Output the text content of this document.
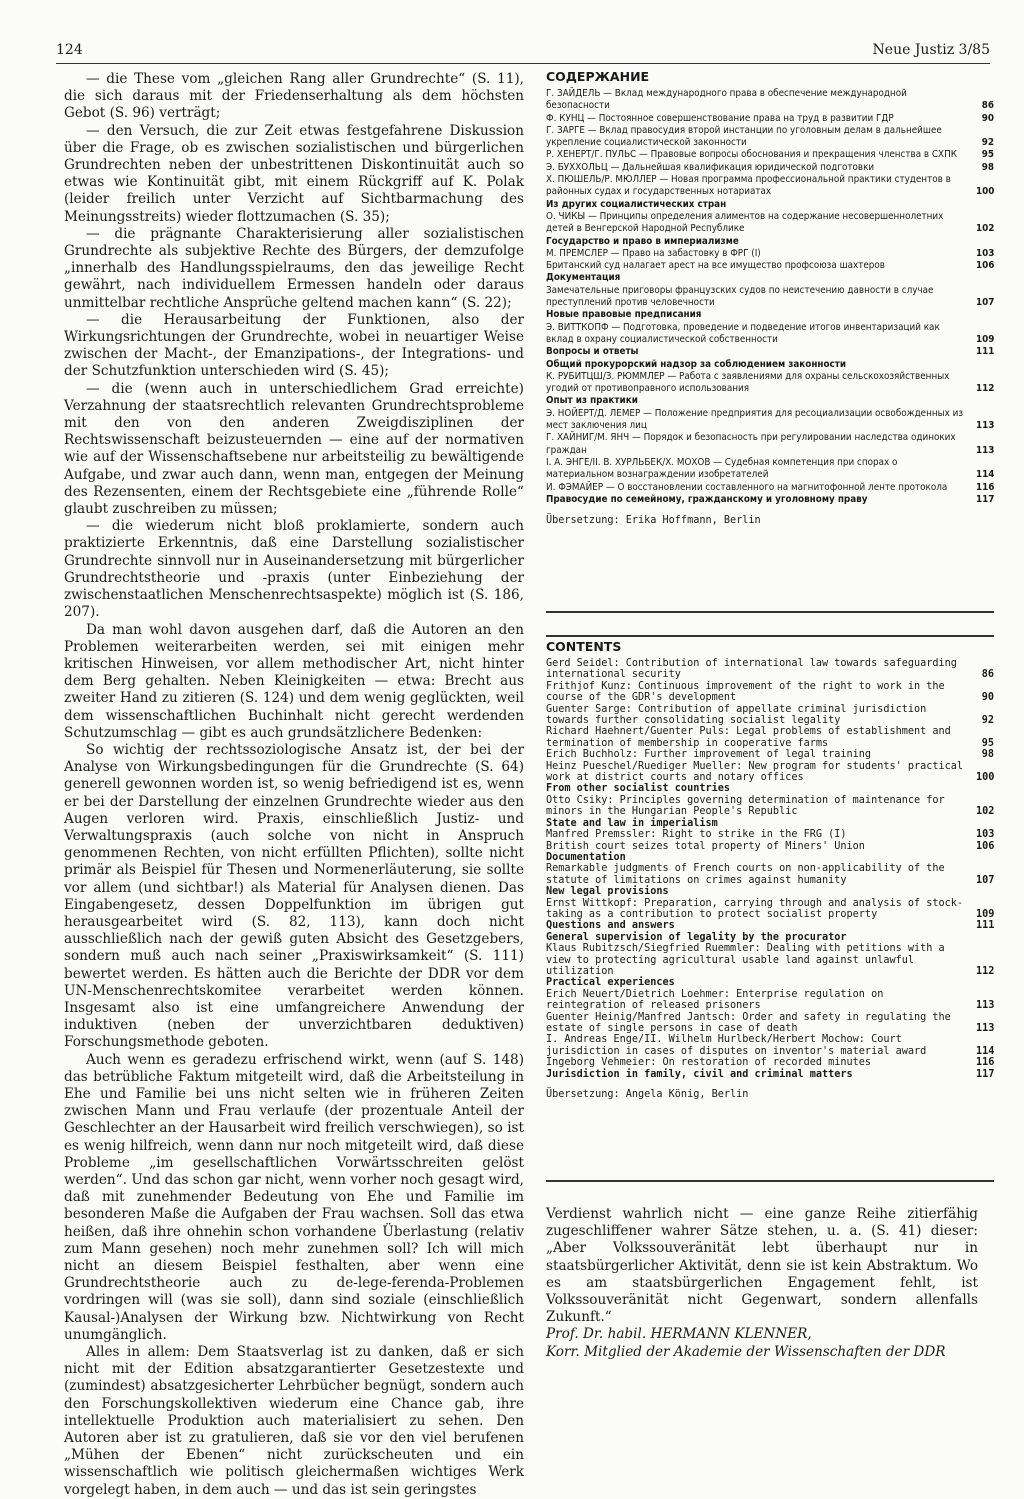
124	Neue Justiz 3/85

— die These vom „gleichen Rang aller Grundrechte“ (S. 11), die sich daraus mit der Friedenserhaltung als dem höchsten Gebot (S. 96) verträgt;

— den Versuch, die zur Zeit etwas festgefahrene Diskussion über die Frage, ob es zwischen sozialistischen und bürgerlichen Grundrechten neben der unbestrittenen Diskontinuität auch so etwas wie Kontinuität gibt, mit einem Rückgriff auf K. Polak (leider freilich unter Verzicht auf Sichtbarmachung des Meinungsstreits) wieder flottzumachen (S. 35);

— die prägnante Charakterisierung aller sozialistischen Grundrechte als subjektive Rechte des Bürgers, der demzufolge „innerhalb des Handlungsspielraums, den das jeweilige Recht gewährt, nach individuellem Ermessen handeln oder daraus unmittelbar rechtliche Ansprüche geltend machen kann“ (S. 22);

— die Herausarbeitung der Funktionen, also der Wirkungsrichtungen der Grundrechte, wobei in neuartiger Weise zwischen der Macht-, der Emanzipations-, der Integrations- und der Schutzfunktion unterschieden wird (S. 45);

— die (wenn auch in unterschiedlichem Grad erreichte) Verzahnung der staatsrechtlich relevanten Grundrechtsprobleme mit den von den anderen Zweigdisziplinen der Rechtswissenschaft beizusteuernden — eine auf der normativen wie auf der Wissenschaftsebene nur arbeitsteilig zu bewältigende Aufgabe, und zwar auch dann, wenn man, entgegen der Meinung des Rezensenten, einem der Rechtsgebiete eine „führende Rolle“ glaubt zuschreiben zu müssen;

— die wiederum nicht bloß proklamierte, sondern auch praktizierte Erkenntnis, daß eine Darstellung sozialistischer Grundrechte sinnvoll nur in Auseinandersetzung mit bürgerlicher Grundrechtstheorie und -praxis (unter Einbeziehung der zwischenstaatlichen Menschenrechtsaspekte) möglich ist (S. 186, 207).

Da man wohl davon ausgehen darf, daß die Autoren an den Problemen weiterarbeiten werden, sei mit einigen mehr kritischen Hinweisen, vor allem methodischer Art, nicht hinter dem Berg gehalten. Neben Kleinigkeiten — etwa: Brecht aus zweiter Hand zu zitieren (S. 124) und dem wenig geglückten, weil dem wissenschaftlichen Buchinhalt nicht gerecht werdenden Schutzumschlag — gibt es auch grundsätzlichere Bedenken:

So wichtig der rechtssoziologische Ansatz ist, der bei der Analyse von Wirkungsbedingungen für die Grundrechte (S. 64) generell gewonnen worden ist, so wenig befriedigend ist es, wenn er bei der Darstellung der einzelnen Grundrechte wieder aus den Augen verloren wird. Praxis, einschließlich Justiz- und Verwaltungspraxis (auch solche von nicht in Anspruch genommenen Rechten, von nicht erfüllten Pflichten), sollte nicht primär als Beispiel für Thesen und Normenerläuterung, sie sollte vor allem (und sichtbar!) als Material für Analysen dienen. Das Eingabengesetz, dessen Doppelfunktion im übrigen gut herausgearbeitet wird (S. 82, 113), kann doch nicht ausschließlich nach der gewiß guten Absicht des Gesetzgebers, sondern muß auch nach seiner „Praxiswirksamkeit“ (S. 111) bewertet werden. Es hätten auch die Berichte der DDR vor dem UN-Menschenrechtskomitee verarbeitet werden können. Insgesamt also ist eine umfangreichere Anwendung der induktiven (neben der unverzichtbaren deduktiven) Forschungsmethode geboten.

Auch wenn es geradezu erfrischend wirkt, wenn (auf S. 148) das betrübliche Faktum mitgeteilt wird, daß die Arbeitsteilung in Ehe und Familie bei uns nicht selten wie in früheren Zeiten zwischen Mann und Frau verlaufe (der prozentuale Anteil der Geschlechter an der Hausarbeit wird freilich verschwiegen), so ist es wenig hilfreich, wenn dann nur noch mitgeteilt wird, daß diese Probleme „im gesellschaftlichen Vorwärtsschreiten gelöst werden“. Und das schon gar nicht, wenn vorher noch gesagt wird, daß mit zunehmender Bedeutung von Ehe und Familie im besonderen Maße die Aufgaben der Frau wachsen. Soll das etwa heißen, daß ihre ohnehin schon vorhandene Überlastung (relativ zum Mann gesehen) noch mehr zunehmen soll? Ich will mich nicht an diesem Beispiel festhalten, aber wenn eine Grundrechtstheorie auch zu de-lege-ferenda-Problemen vordringen will (was sie soll), dann sind soziale (einschließlich Kausal-)Analysen der Wirkung bzw. Nichtwirkung von Recht unumgänglich.

Alles in allem: Dem Staatsverlag ist zu danken, daß er sich nicht mit der Edition absatzgarantierter Gesetzestexte und (zumindest) absatzgesicherter Lehrbücher begnügt, sondern auch den Forschungskollektiven wiederum eine Chance gab, ihre intellektuelle Produktion auch materialisiert zu sehen. Den Autoren aber ist zu gratulieren, daß sie vor den viel berufenen „Mühen der Ebenen“ nicht zurückscheuten und ein wissenschaftlich wie politisch gleichermaßen wichtiges Werk vorgelegt haben, in dem auch — und das ist sein geringstes

СОДЕРЖАНИЕ
Г. ЗАЙДЕЛЬ — Вклад международного права в обеспечение международной безопасности	86
Ф. КУНЦ — Постоянное совершенствование права на труд в развитии ГДР	90
Г. ЗАРГЕ — Вклад правосудия второй инстанции по уголовным делам в дальнейшее укрепление социалистической законности	92
Р. ХЕНЕРТ/Г. ПУЛЬС — Правовые вопросы обоснования и прекращения членства в СХПК	95
Э. БУХХОЛЬЦ — Дальнейшая квалификация юридической подготовки	98
Х. ПЮШЕЛЬ/Р. МЮЛЛЕР — Новая программа профессиональной практики студентов в районных судах и государственных нотариатах	100
Из других социалистических стран
О. ЧИКЫ — Принципы определения алиментов на содержание несовершеннолетних детей в Венгерской Народной Республике	102
Государство и право в империализме
М. ПРЕМСЛЕР — Право на забастовку в ФРГ (I)	103
Британский суд налагает арест на все имущество профсоюза шахтеров	106
Документация
Замечательные приговоры французских судов по неистечению давности в случае преступлений против человечности	107
Новые правовые предписания
Э. ВИТТКОПФ — Подготовка, проведение и подведение итогов инвентаризаций как вклад в охрану социалистической собственности	109
Вопросы и ответы	111
Общий прокурорский надзор за соблюдением законности
К. РУБИТЦШ/З. РЮММЛЕР — Работа с заявлениями для охраны сельскохозяйственных угодий от противоправного использования	112
Опыт из практики
Э. НОЙЕРТ/Д. ЛЕМЕР — Положение предприятия для ресоциализации освобожденных из мест заключения лиц	113
Г. ХАЙНИГ/М. ЯНЧ — Порядок и безопасность при регулировании наследства одиноких граждан	113
I. А. ЭНГЕ/II. В. ХУРЛЬБЕК/Х. МОХОВ — Судебная компетенция при спорах о материальном вознаграждении изобретателей	114
И. ФЭМАЙЕР — О восстановлении составленного на магнитофонной ленте протокола	116
Правосудие по семейному, гражданскому и уголовному праву	117
Übersetzung: Erika Hoffmann, Berlin
CONTENTS
Gerd Seidel: Contribution of international law towards safeguarding international security	86
Frithjof Kunz: Continuous improvement of the right to work in the course of the GDR's development	90
Guenter Sarge: Contribution of appellate criminal jurisdiction towards further consolidating socialist legality	92
Richard Haehnert/Guenter Puls: Legal problems of establishment and termination of membership in cooperative farms	95
Erich Buchholz: Further improvement of legal training	98
Heinz Pueschel/Ruediger Mueller: New program for students' practical work at district courts and notary offices	100
From other socialist countries
Otto Csiky: Principles governing determination of maintenance for minors in the Hungarian People's Republic	102
State and law in imperialism
Manfred Premssler: Right to strike in the FRG (I)	103
British court seizes total property of Miners' Union	106
Documentation
Remarkable judgments of French courts on non-applicability of the statute of limitations on crimes against humanity	107
New legal provisions
Ernst Wittkopf: Preparation, carrying through and analysis of stock-taking as a contribution to protect socialist property	109
Questions and answers	111
General supervision of legality by the procurator
Klaus Rubitzsch/Siegfried Ruemmler: Dealing with petitions with a view to protecting agricultural usable land against unlawful utilization	112
Practical experiences
Erich Neuert/Dietrich Loehmer: Enterprise regulation on reintegration of released prisoners	113
Guenter Heinig/Manfred Jantsch: Order and safety in regulating the estate of single persons in case of death	113
I. Andreas Enge/II. Wilhelm Hurlbeck/Herbert Mochow: Court jurisdiction in cases of disputes on inventor's material award	114
Ingeborg Vehmeier: On restoration of recorded minutes	116
Jurisdiction in family, civil and criminal matters	117
Übersetzung: Angela König, Berlin

Verdienst wahrlich nicht — eine ganze Reihe zitierfähig zugeschliffener wahrer Sätze stehen, u. a. (S. 41) dieser: „Aber Volkssouveränität lebt überhaupt nur in staatsbürgerlicher Aktivität, denn sie ist kein Abstraktum. Wo es am staatsbürgerlichen Engagement fehlt, ist Volkssouveränität nicht Gegenwart, sondern allenfalls Zukunft.“

Prof. Dr. habil. HERMANN KLENNER,

Korr. Mitglied der Akademie der Wissenschaften der DDR
